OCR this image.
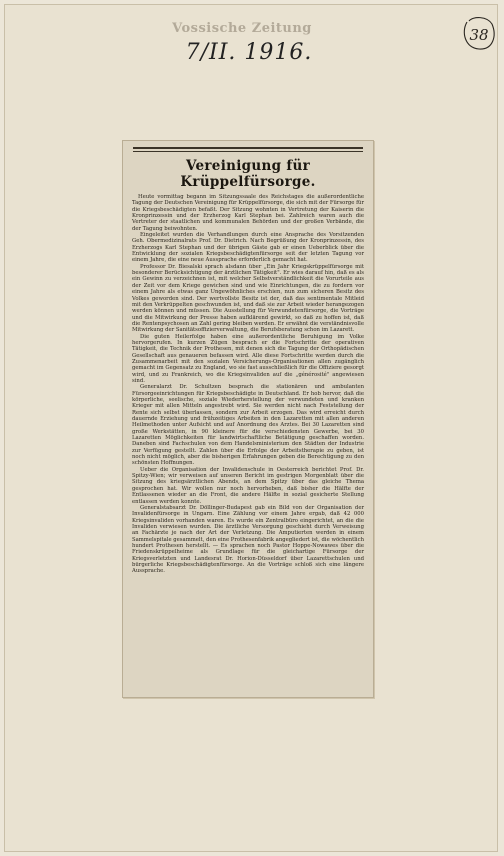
Vossische Zeitung
7/II. 1916.
38
Vereinigung für Krüppelfürsorge.

Heute vormittag begann im Sitzungssaale des Reichstages die außerordentliche Tagung der Deutschen Vereinigung für Krüppelfürsorge, die sich mit der Fürsorge für die Kriegsbeschädigten befaßt. Der Sitzung wohnten in Vertretung der Kaiserin die Kronprinzessin und der Erzherzog Karl Stephan bei. Zahlreich waren auch die Vertreter der staatlichen und kommunalen Behörden und der großen Verbände, die der Tagung beiwohnten.

Eingeleitet wurden die Verhandlungen durch eine Ansprache des Vorsitzenden Geh. Obermedizinalrats Prof. Dr. Dietrich. Nach Begrüßung der Kronprinzessin, des Erzherzogs Karl Stephan und der übrigen Gäste gab er einen Ueberblick über die Entwicklung der sozialen Kriegsbeschädigtenfürsorge seit der letzten Tagung vor einem Jahre, die eine neue Aussprache erforderlich gemacht hat.

Professor Dr. Biesalski sprach alsdann über „Ein Jahr Kriegskrüppelfürsorge mit besonderer Berücksichtigung der ärztlichen Tätigkeit". Er wies darauf hin, daß es als ein Gewinn zu verzeichnen ist, mit welcher Selbstverständlichkeit die Vorurteile aus der Zeit vor dem Kriege gewichen sind und wie Einrichtungen, die zu fordern vor einem Jahre als etwas ganz Ungewöhnliches erschien, nun zum sicheren Besitz des Volkes geworden sind. Der wertvollste Besitz ist der, daß das sentimentale Mitleid mit den Verkrüppelten geschwunden ist, und daß sie zur Arbeit wieder herangezogen werden können und müssen. Die Ausstellung für Verwundetenfürsorge, die Vorträge und die Mitwirkung der Presse haben aufklärend gewirkt, so daß zu hoffen ist, daß die Rentenpsychosen an Zahl gering bleiben werden. Er erwähnt die verständnisvolle Mitwirkung der Sanitätsoffizierverwaltung, die Berufsberatung schon im Lazarett.

Die guten Heilerfolge haben eine außerordentliche Beruhigung im Volke hervorgerufen. In kurzen Zügen besprach er die Fortschritte der operativen Tätigkeit, die Technik der Prothesen, mit denen sich die Tagung der Orthopädischen Gesellschaft aus genaueren befassen wird. Alle diese Fortschritte werden durch die Zusammenarbeit mit den sozialen Versicherungs-Organisationen allen zugänglich gemacht im Gegensatz zu England, wo sie fast ausschließlich für die Offiziere gesorgt wird, und zu Frankreich, wo die Kriegsinvaliden auf die „générosité" angewiesen sind.

Generalarzt Dr. Schultzen besprach die stationären und ambulanten Fürsorgeeinrichtungen für Kriegsbeschädigte in Deutschland. Er hob hervor, daß die körperliche, seelische, soziale Wiederherstellung der verwundeten und kranken Krieger mit allen Mitteln angestrebt wird. Sie werden nicht nach Feststellung der Rente sich selbst überlassen, sondern zur Arbeit erzogen. Das wird erreicht durch dauernde Erziehung und frühzeitiges Arbeiten in den Lazaretten mit allen anderen Heilmethoden unter Aufsicht und auf Anordnung des Arztes. Bei 30 Lazaretten sind große Werkstätten, in 90 kleinere für die verschiedensten Gewerbe, bei 30 Lazaretten Möglichkeiten für landwirtschaftliche Betätigung geschaffen worden. Daneben sind Fachschulen von dem Handelsministerium den Städten der Industrie zur Verfügung gestellt. Zahlen über die Erfolge der Arbeitstherapie zu geben, ist noch nicht möglich, aber die bisherigen Erfahrungen geben die Berechtigung zu den schönsten Hoffnungen.

Ueber die Organisation der Invalidenschule in Oesterreich berichtet Prof. Dr. Spitzy-Wien; wir verweisen auf unseren Bericht im gestrigen Morgenblatt über die Sitzung des kriegsärztlichen Abends, an dem Spitzy über das gleiche Thema gesprochen hat. Wir wollen nur noch hervorheben, daß bisher die Hälfte der Entlassenen wieder an die Front, die andere Hälfte in sozial gesicherte Stellung entlassen werden konnte.

Generalstabsarzt Dr. Döllinger-Budapest gab ein Bild von der Organisation der Invalidenfürsorge in Ungarn. Eine Zählung vor einem Jahre ergab, daß 42 000 Kriegsinvaliden vorhanden waren. Es wurde ein Zentralbüro eingerichtet, an die die Invaliden verwiesen wurden. Die ärztliche Versorgung geschieht durch Verweisung an Fachärzte je nach der Art der Verletzung. Die Amputierten werden in einem Sammelspitale gesammelt, den eine Prothesenfabrik angegliedert ist, die wöchentlich hundert Prothesen herstellt. — Es sprachen noch Pastor Hoppe-Nowawes über die Friedenskrüppelheime als Grundlage für die gleichartige Fürsorge der Kriegsverletzten und Landesrat Dr. Horion-Düsseldorf über Lazarettschulen und bürgerliche Kriegsbeschädigtenfürsorge. An die Vorträge schloß sich eine längere Aussprache.
